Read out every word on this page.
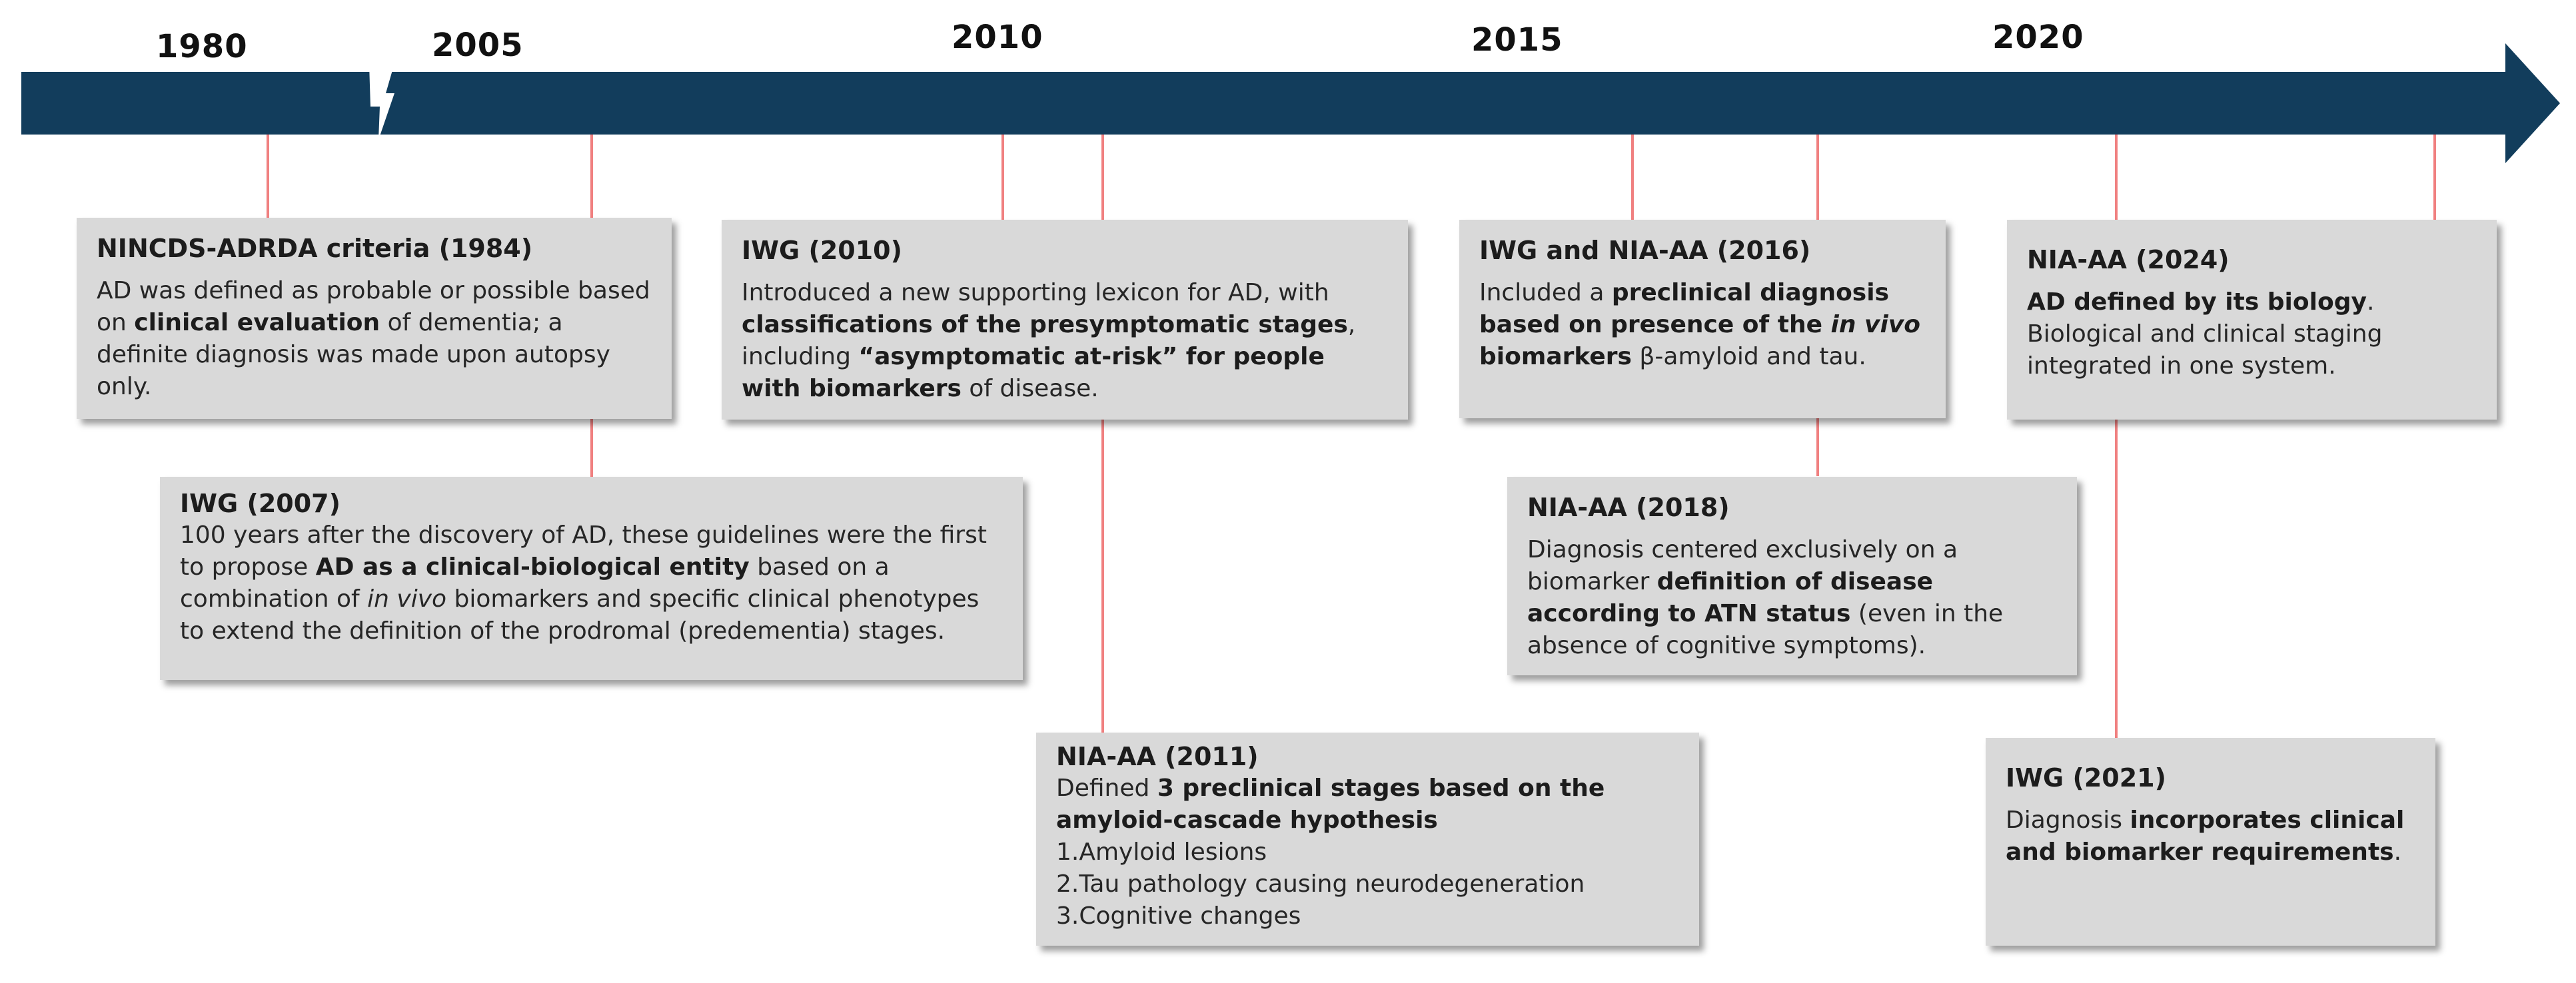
1980	2005	2010	2015	2020
NINCDS-ADRDA criteria (1984)
AD was defined as probable or possible based on clinical evaluation of dementia; a definite diagnosis was made upon autopsy only.
IWG (2007)
100 years after the discovery of AD, these guidelines were the first to propose AD as a clinical-biological entity based on a combination of in vivo biomarkers and specific clinical phenotypes to extend the definition of the prodromal (predementia) stages.
IWG (2010)
Introduced a new supporting lexicon for AD, with classifications of the presymptomatic stages, including “asymptomatic at-risk” for people with biomarkers of disease.
NIA-AA (2011)
Defined 3 preclinical stages based on the amyloid-cascade hypothesis
1.Amyloid lesions
2.Tau pathology causing neurodegeneration
3.Cognitive changes
IWG and NIA-AA (2016)
Included a preclinical diagnosis based on presence of the in vivo biomarkers β-amyloid and tau.
NIA-AA (2018)
Diagnosis centered exclusively on a biomarker definition of disease according to ATN status (even in the absence of cognitive symptoms).
NIA-AA (2024)
AD defined by its biology. Biological and clinical staging integrated in one system.
IWG (2021)
Diagnosis incorporates clinical and biomarker requirements.
